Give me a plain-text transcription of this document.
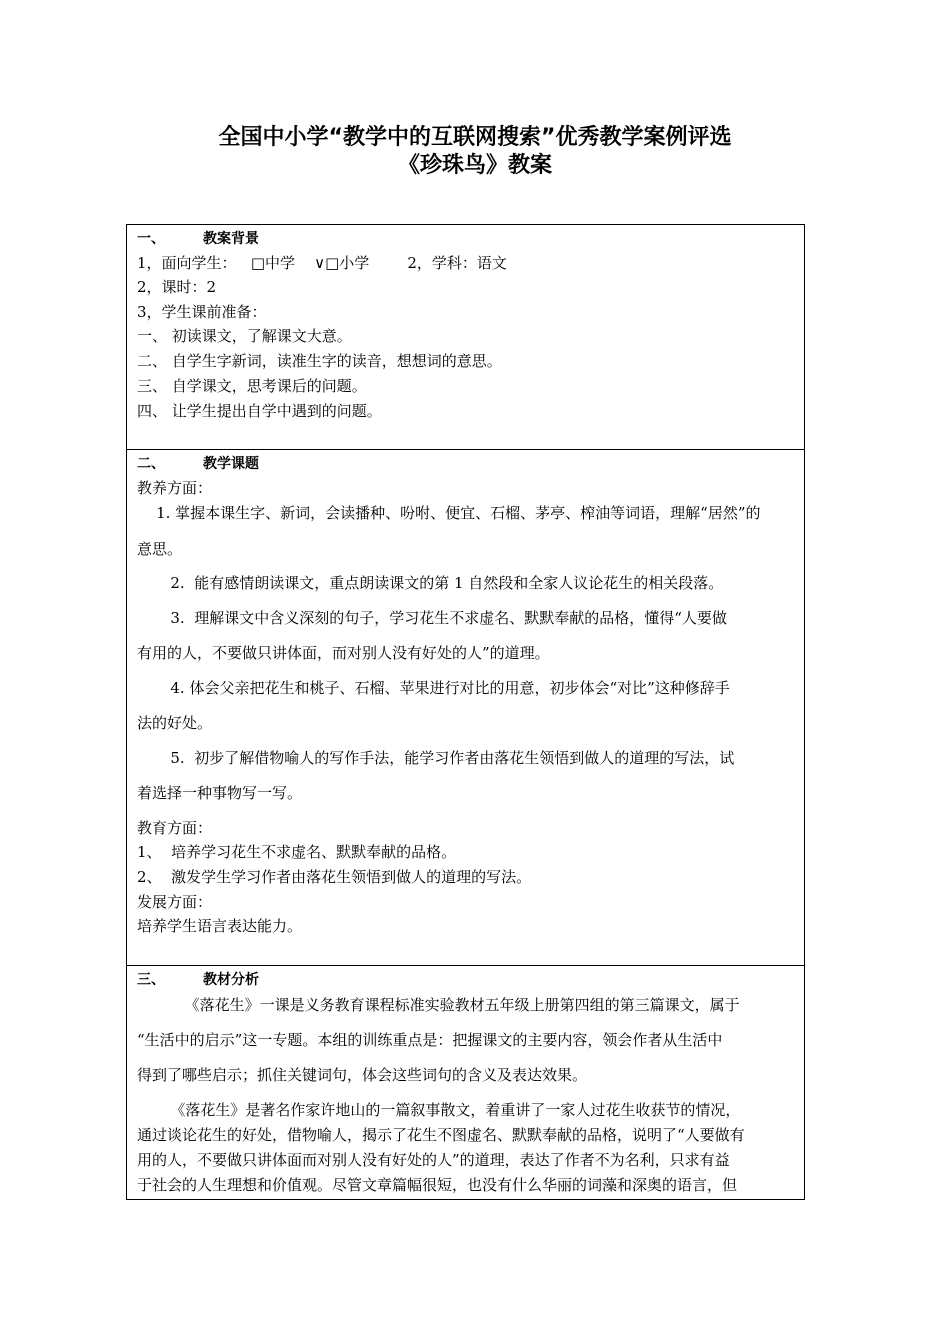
全国中小学“教学中的互联网搜索”优秀教学案例评选
《珍珠鸟》教案
一、	教案背景
1，面向学生：   □中学    ∨□小学        2，学科：语文
2，课时：2
3，学生课前准备：
一、 初读课文，了解课文大意。
二、 自学生字新词，读准生字的读音，想想词的意思。
三、 自学课文，思考课后的问题。
四、 让学生提出自学中遇到的问题。
二、	教学课题
教养方面：
1. 掌握本课生字、新词，会读播种、吩咐、便宜、石榴、茅亭、榨油等词语，理解“居然”的
意思。
2.  能有感情朗读课文，重点朗读课文的第 1 自然段和全家人议论花生的相关段落。
3.  理解课文中含义深刻的句子，学习花生不求虚名、默默奉献的品格，懂得“人要做
有用的人，不要做只讲体面，而对别人没有好处的人”的道理。
4. 体会父亲把花生和桃子、石榴、苹果进行对比的用意，初步体会“对比”这种修辞手
法的好处。
5.  初步了解借物喻人的写作手法，能学习作者由落花生领悟到做人的道理的写法，试
着选择一种事物写一写。
教育方面：
1、  培养学习花生不求虚名、默默奉献的品格。
2、  激发学生学习作者由落花生领悟到做人的道理的写法。
发展方面：
培养学生语言表达能力。
三、	教材分析
《落花生》一课是义务教育课程标准实验教材五年级上册第四组的第三篇课文，属于
“生活中的启示”这一专题。本组的训练重点是：把握课文的主要内容，领会作者从生活中
得到了哪些启示；抓住关键词句，体会这些词句的含义及表达效果。
《落花生》是著名作家许地山的一篇叙事散文，着重讲了一家人过花生收获节的情况，
通过谈论花生的好处，借物喻人，揭示了花生不图虚名、默默奉献的品格，说明了“人要做有
用的人，不要做只讲体面而对别人没有好处的人”的道理，表达了作者不为名利，只求有益
于社会的人生理想和价值观。尽管文章篇幅很短，也没有什么华丽的词藻和深奥的语言，但
